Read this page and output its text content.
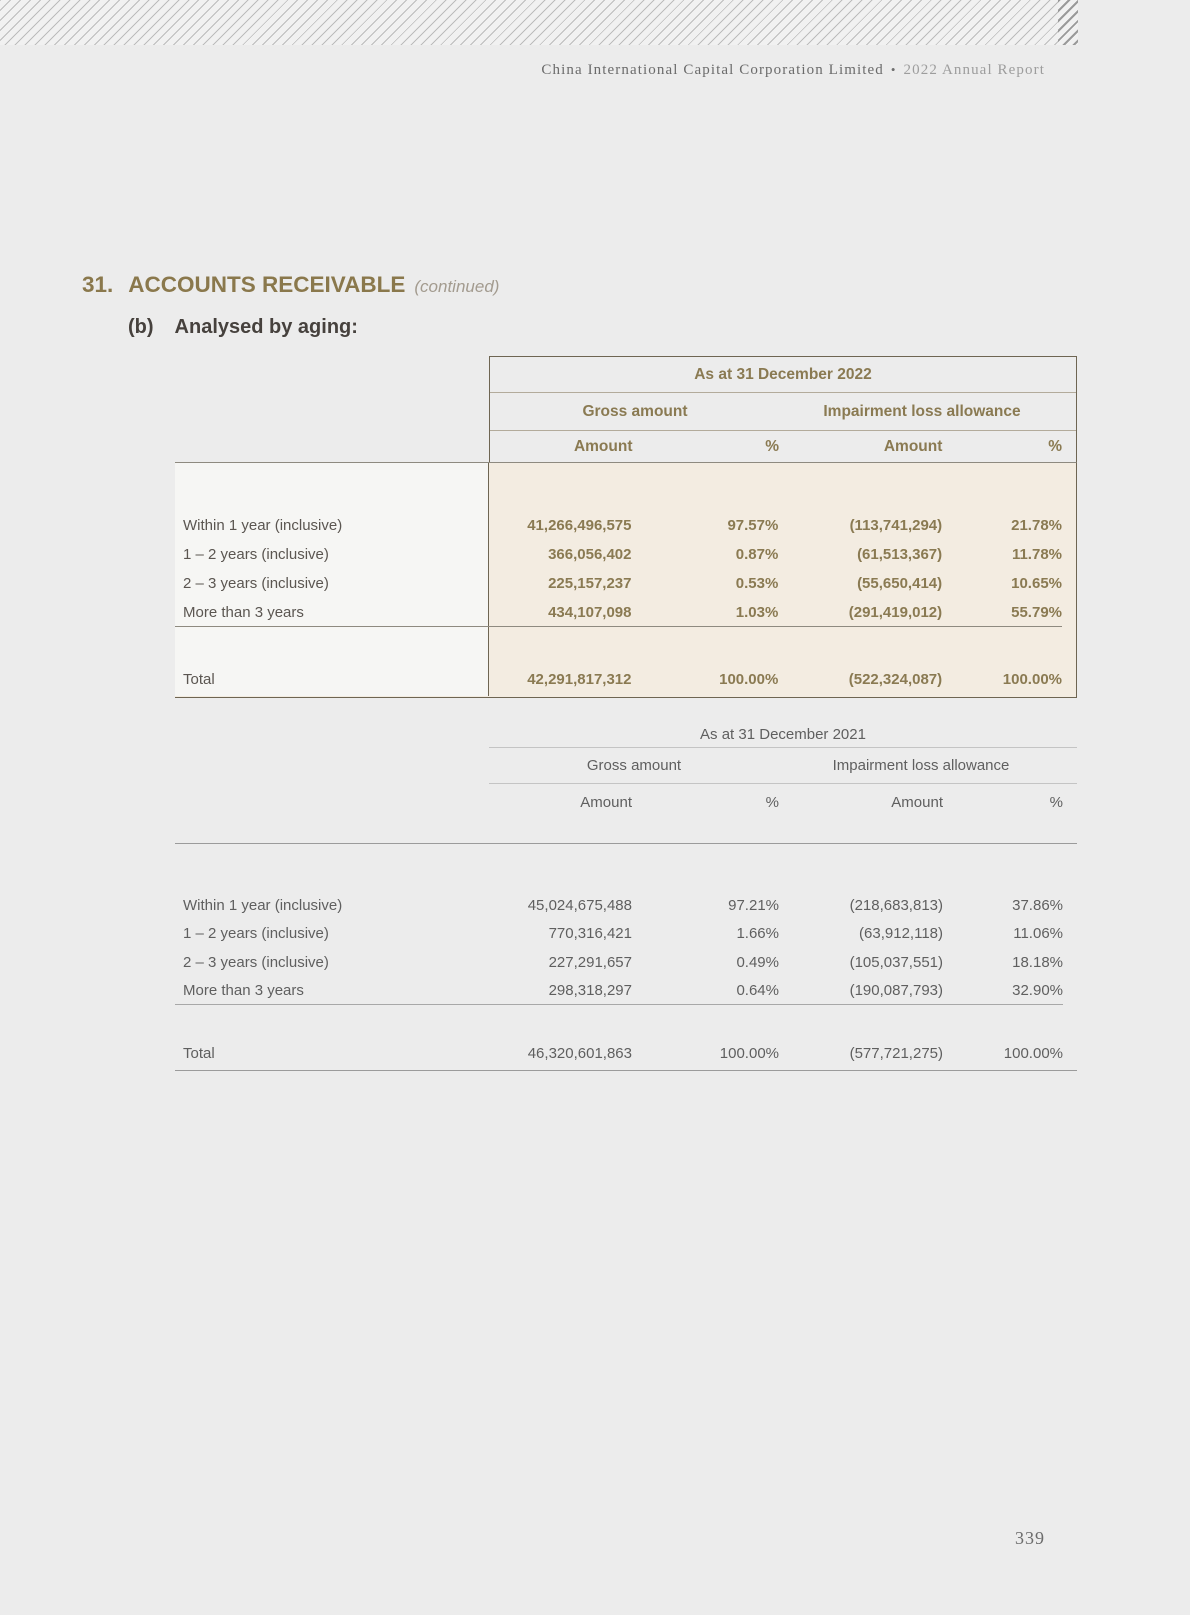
China International Capital Corporation Limited • 2022 Annual Report
31. ACCOUNTS RECEIVABLE (continued)
(b) Analysed by aging:
As at 31 December 2022
Gross amount	Impairment loss allowance
Amount	%	Amount	%
Within 1 year (inclusive)	41,266,496,575	97.57%	(113,741,294)	21.78%
1 – 2 years (inclusive)	366,056,402	0.87%	(61,513,367)	11.78%
2 – 3 years (inclusive)	225,157,237	0.53%	(55,650,414)	10.65%
More than 3 years	434,107,098	1.03%	(291,419,012)	55.79%
Total	42,291,817,312	100.00%	(522,324,087)	100.00%
As at 31 December 2021
Gross amount	Impairment loss allowance
Amount	%	Amount	%
Within 1 year (inclusive)	45,024,675,488	97.21%	(218,683,813)	37.86%
1 – 2 years (inclusive)	770,316,421	1.66%	(63,912,118)	11.06%
2 – 3 years (inclusive)	227,291,657	0.49%	(105,037,551)	18.18%
More than 3 years	298,318,297	0.64%	(190,087,793)	32.90%
Total	46,320,601,863	100.00%	(577,721,275)	100.00%
339
